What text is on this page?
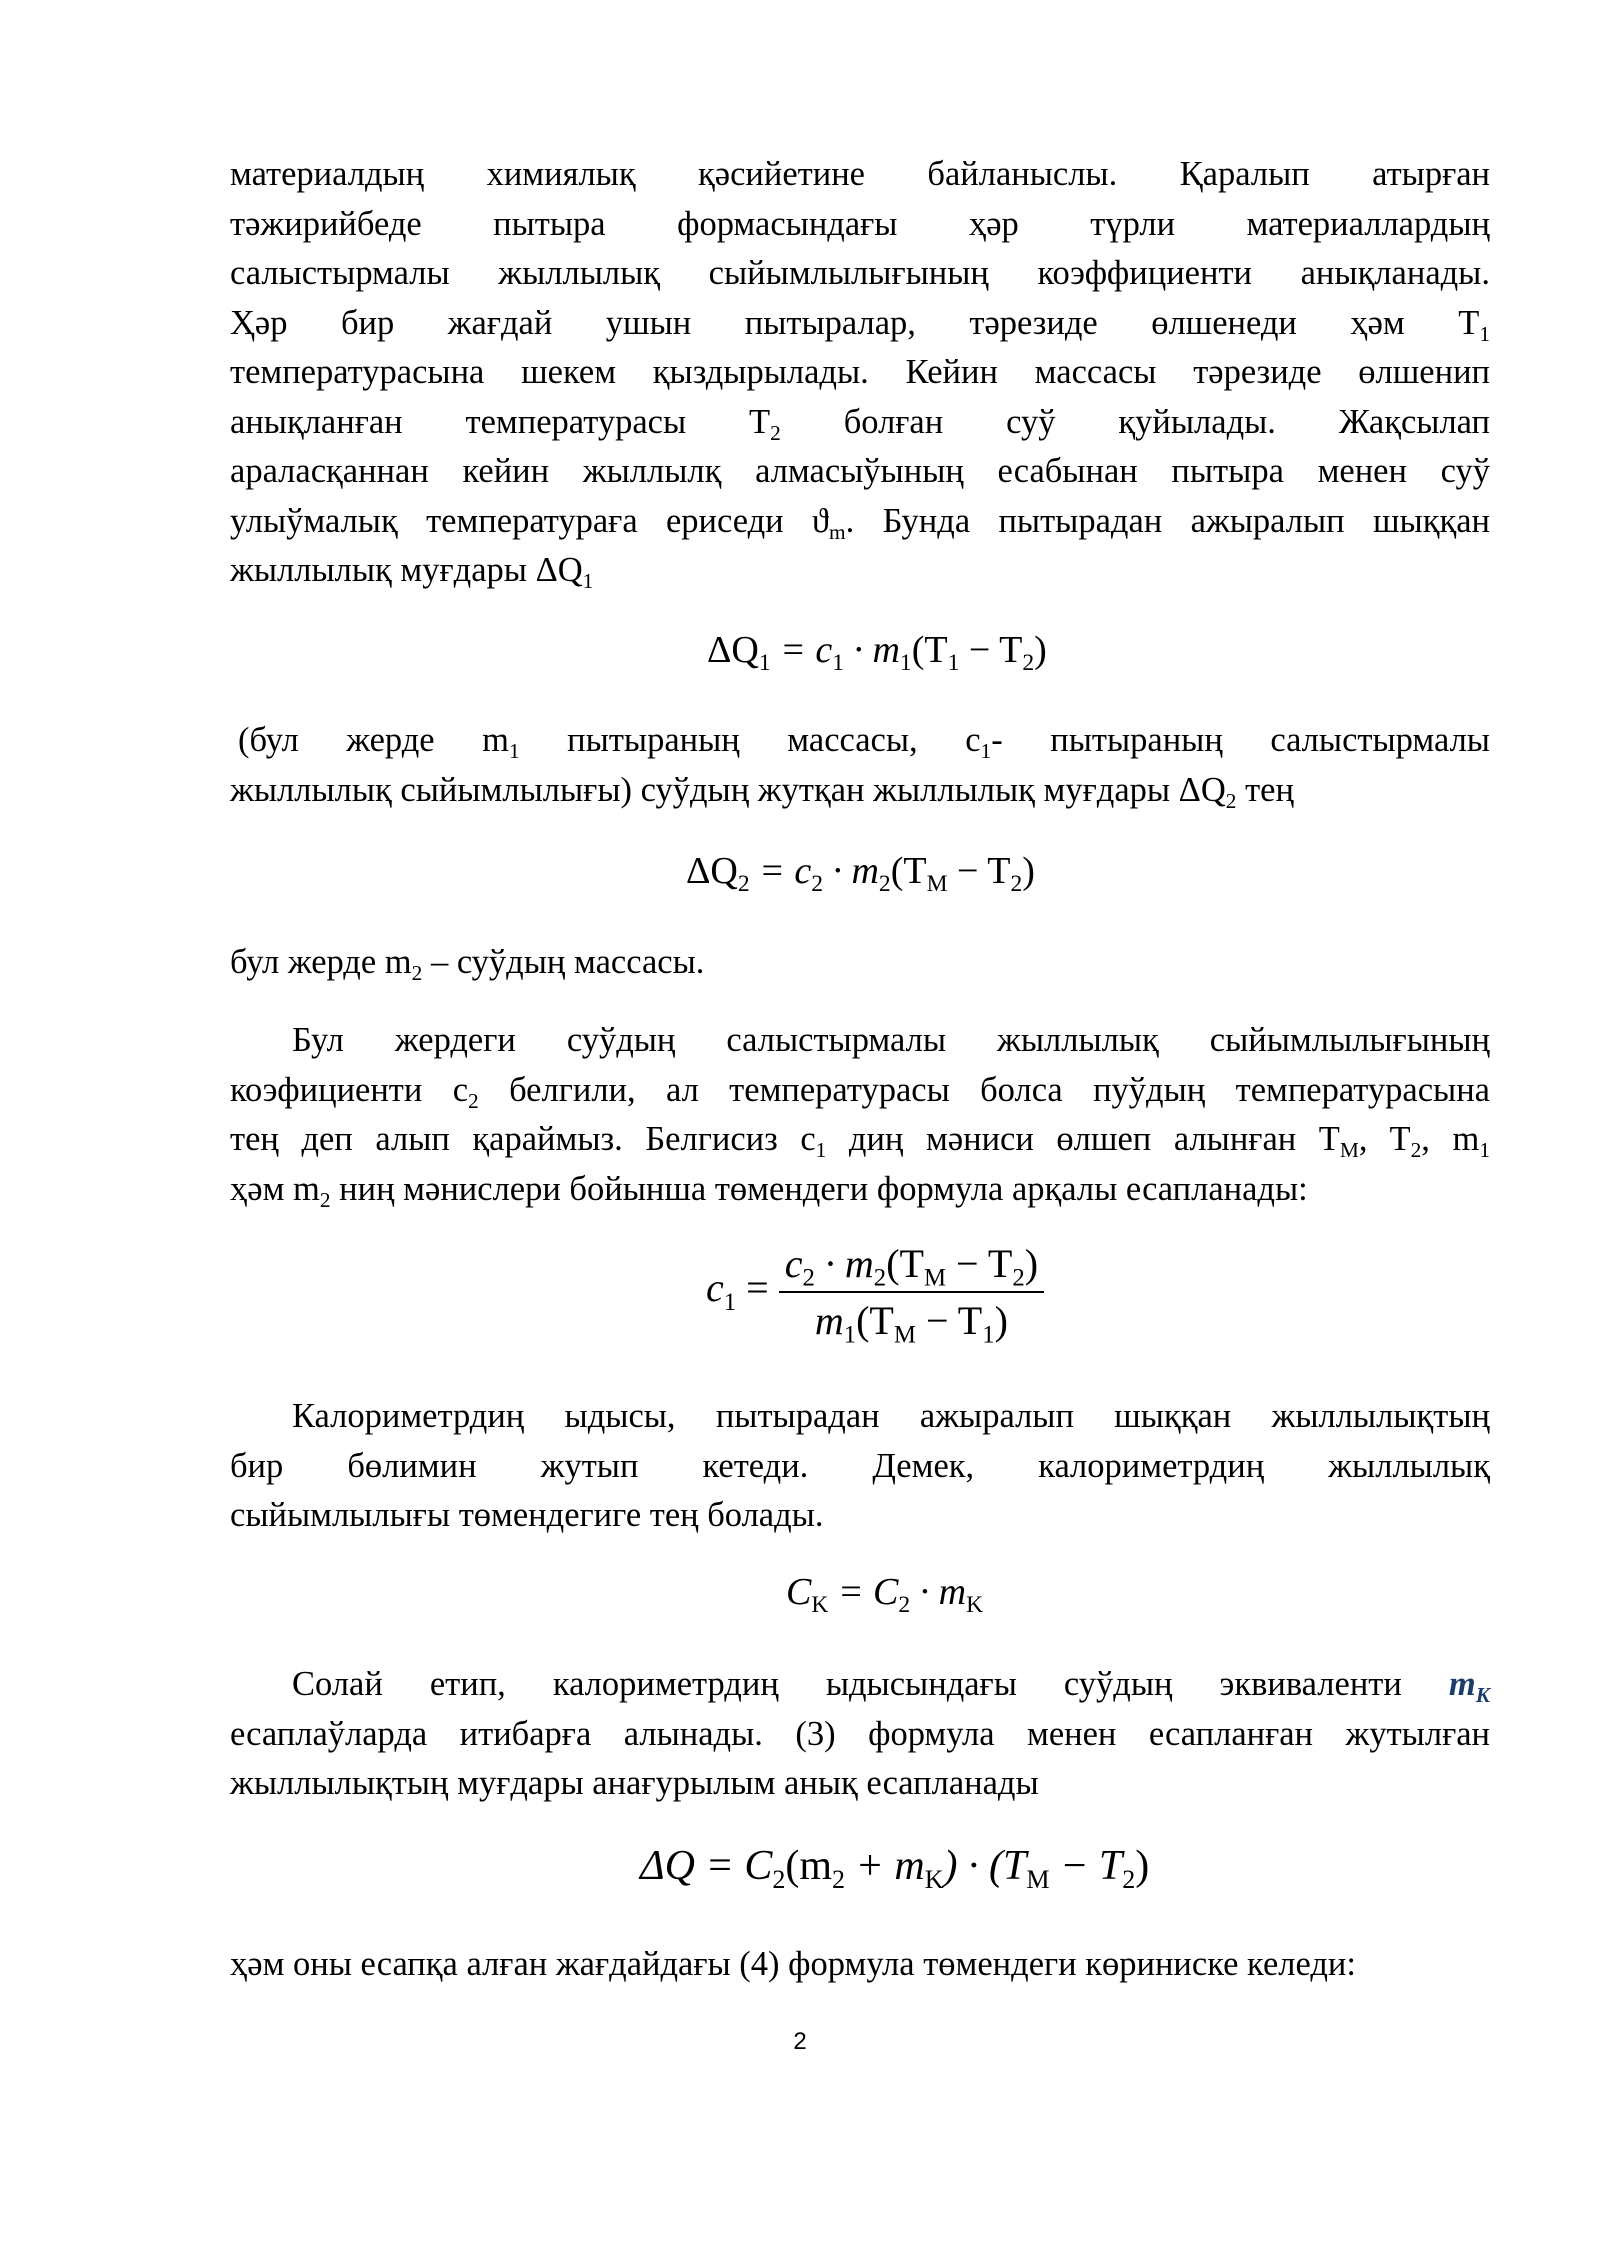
материалдың химиялық қәсийетине байланыслы. Қаралып атырған
тәжирийбеде пытыра формасындағы ҳәр түрли материаллардың
салыстырмалы жыллылық сыйымлылығының коэффициенти анықланады.
Ҳәр бир жағдай ушын пытыралар, тәрезиде өлшенеди ҳәм $T_1$
температурасына шекем қыздырылады. Кейин массасы тәрезиде өлшенип
анықланған температурасы $T_2$ болған суў қуйылады. Жақсылап
араласқаннан кейин жыллылқ алмасыўының есабынан пытыра менен суў
улыўмалық температураға ериседи $ϑ_m$. Бунда пытырадан ажыралып шыққан
жыллылық муғдары $\Delta Q_1$
$\Delta Q_1 = c_1 \cdot m_1(T_1 - T_2)$
(бул жерде $m_1$ пытыраның массасы, $c_1-$ пытыраның салыстырмалы
жыллылық сыйымлылығы) суўдың жутқан жыллылық муғдары $\Delta Q_2$ тең
$\Delta Q_2 = c_2 \cdot m_2(T_M - T_2)$
бул жерде $m_2$ – суўдың массасы.
Бул жердеги суўдың салыстырмалы жыллылық сыйымлылығының
коэфициенти $c_2$ белгили, ал температурасы болса пуўдың температурасына
тең деп алып қараймыз. Белгисиз $c_1$ диң мәниси өлшеп алынған $T_M$, $T_2$, $m_1$
ҳәм $m_2$ ниң мәнислери бойынша төмендеги формула арқалы есапланады:
$c_1 = \frac{c_2 \cdot m_2(T_M - T_2)}{m_1(T_M - T_1)}$
Калориметрдиң ыдысы, пытырадан ажыралып шыққан жыллылықтың
бир бөлимин жутып кетеди. Демек, калориметрдиң жыллылық
сыйымлылығы төмендегиге тең болады.
$C_K = C_2 \cdot m_K$
Солай етип, калориметрдиң ыдысындағы суўдың эквиваленти $m_K$
есаплаўларда итибарға алынады. (3) формула менен есапланған жутылған
жыллылықтың муғдары анағурылым анық есапланады
$\Delta Q = C_2(m_2 + m_K) \cdot (T_M - T_2)$
ҳәм оны есапқа алған жағдайдағы (4) формула төмендеги көриниске келеди:
2
